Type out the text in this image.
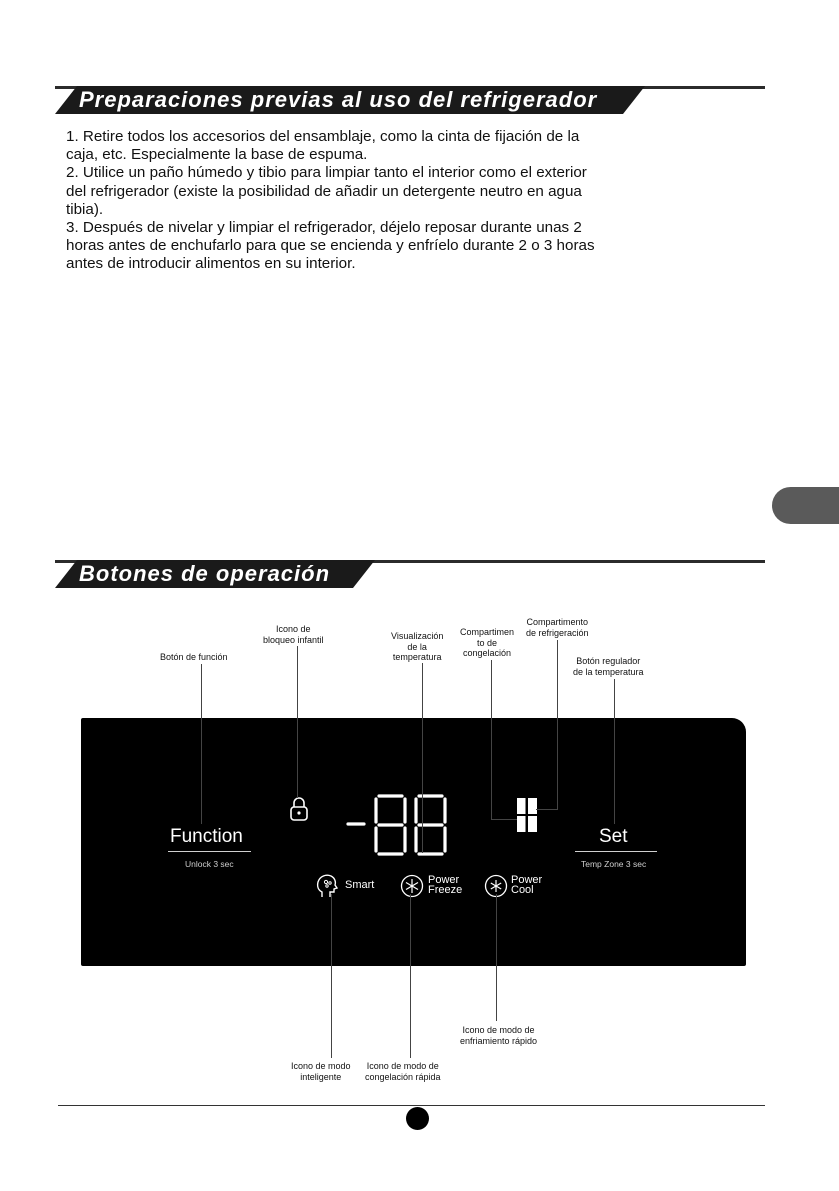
Preparaciones previas al uso del refrigerador

1. Retire todos los accesorios del ensamblaje, como la cinta de fijación de la

caja, etc. Especialmente la base de espuma.

2. Utilice un paño húmedo y tibio para limpiar tanto el interior como el exterior

del refrigerador (existe la posibilidad de añadir un detergente neutro en agua

tibia).

3. Después de nivelar y limpiar el refrigerador, déjelo reposar durante unas 2

horas antes de enchufarlo para que se encienda y enfríelo durante 2 o 3 horas

antes de introducir alimentos en su interior.

Botones de operación
Botón de función
Icono de
bloqueo infantil	Visualización
de la
temperatura
Compartimen
to de
congelación
Compartimento
de refrigeración
Botón regulador
de la temperatura
Icono de modo
inteligente
Icono de modo de
congelación rápida
Icono de modo de
enfriamiento rápido
Function
Unlock 3 sec
Set
Temp Zone 3 sec
Smart	Power
Freeze
Power
Cool
